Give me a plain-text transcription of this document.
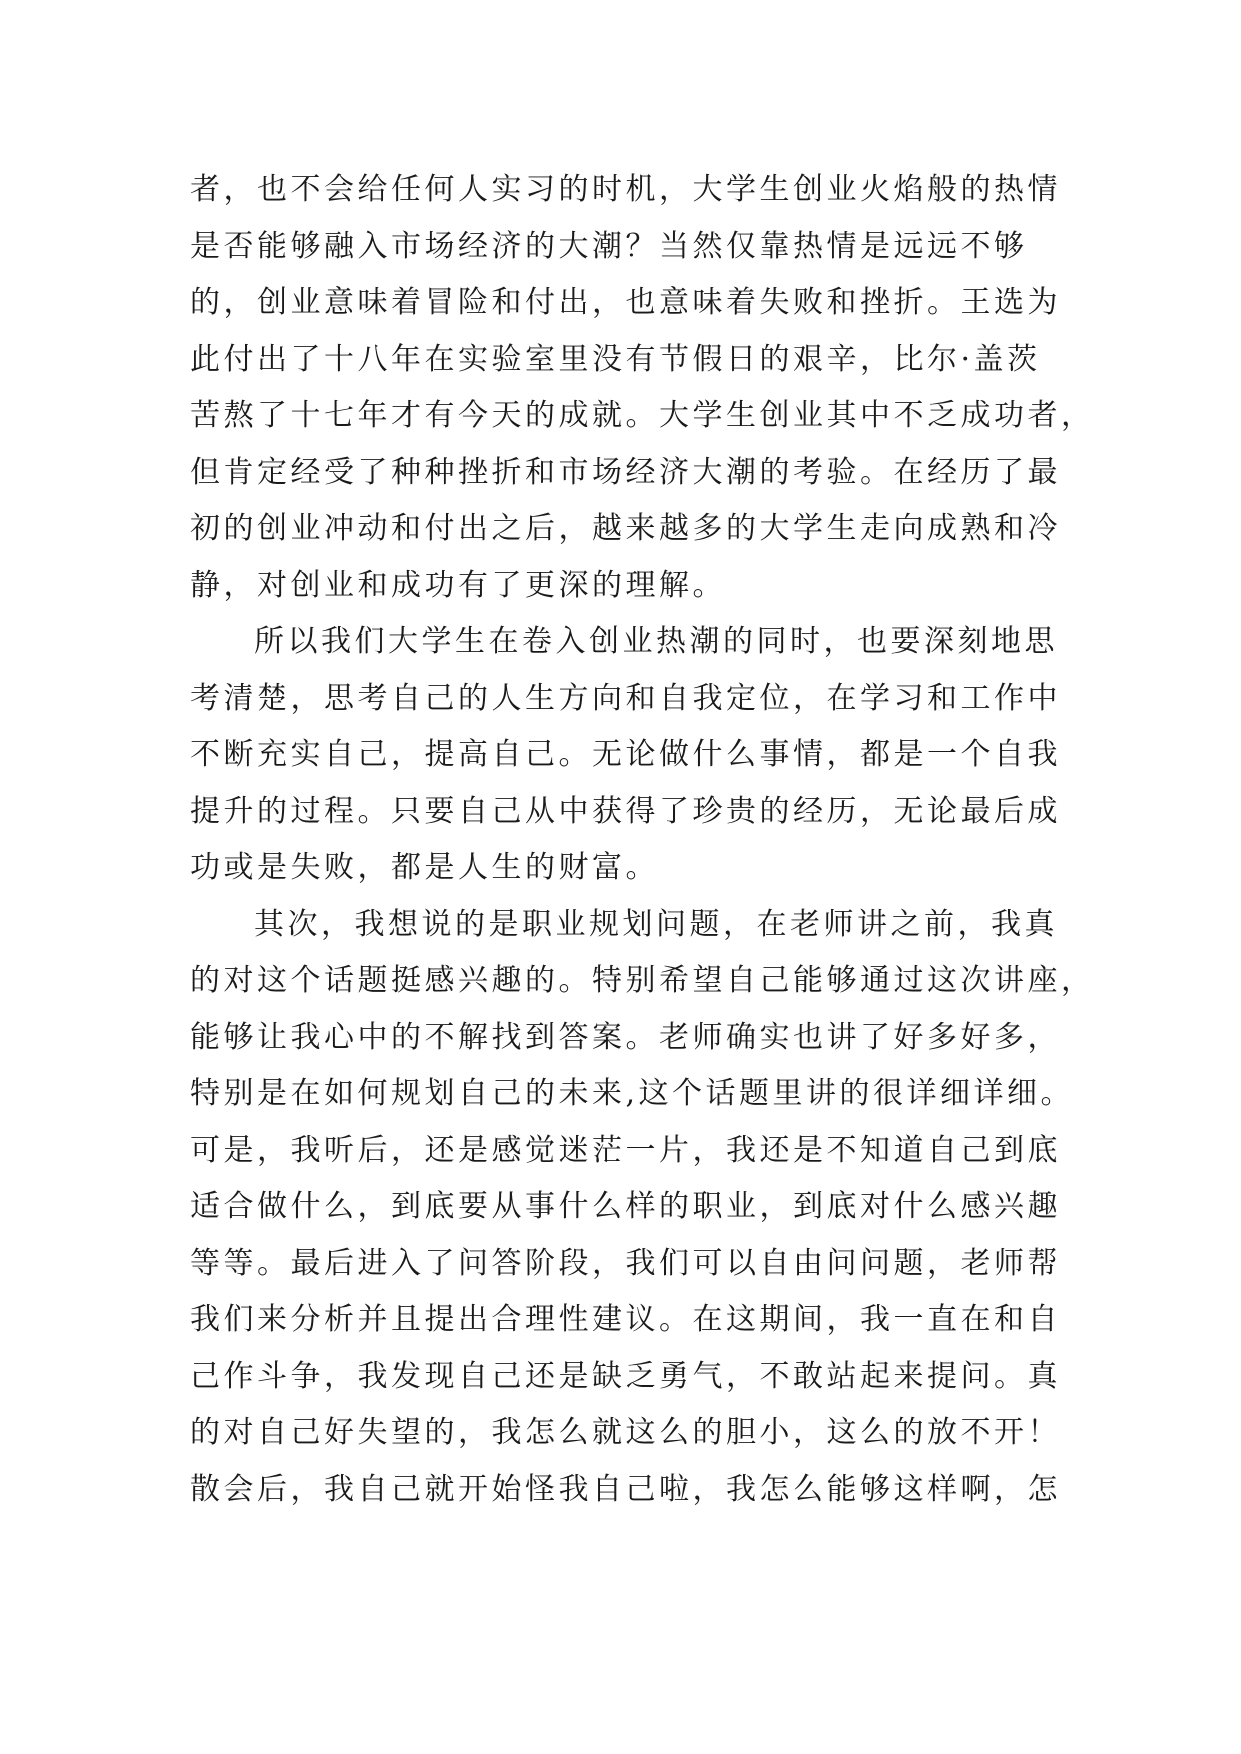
者，也不会给任何人实习的时机，大学生创业火焰般的热情
是否能够融入市场经济的大潮？当然仅靠热情是远远不够
的，创业意味着冒险和付出，也意味着失败和挫折。王选为
此付出了十八年在实验室里没有节假日的艰辛，比尔·盖茨
苦熬了十七年才有今天的成就。大学生创业其中不乏成功者，
但肯定经受了种种挫折和市场经济大潮的考验。在经历了最
初的创业冲动和付出之后，越来越多的大学生走向成熟和冷
静，对创业和成功有了更深的理解。
所以我们大学生在卷入创业热潮的同时，也要深刻地思
考清楚，思考自己的人生方向和自我定位，在学习和工作中
不断充实自己，提高自己。无论做什么事情，都是一个自我
提升的过程。只要自己从中获得了珍贵的经历，无论最后成
功或是失败，都是人生的财富。
其次，我想说的是职业规划问题，在老师讲之前，我真
的对这个话题挺感兴趣的。特别希望自己能够通过这次讲座，
能够让我心中的不解找到答案。老师确实也讲了好多好多，
特别是在如何规划自己的未来,这个话题里讲的很详细详细。
可是，我听后，还是感觉迷茫一片，我还是不知道自己到底
适合做什么，到底要从事什么样的职业，到底对什么感兴趣
等等。最后进入了问答阶段，我们可以自由问问题，老师帮
我们来分析并且提出合理性建议。在这期间，我一直在和自
己作斗争，我发现自己还是缺乏勇气，不敢站起来提问。真
的对自己好失望的，我怎么就这么的胆小，这么的放不开！
散会后，我自己就开始怪我自己啦，我怎么能够这样啊，怎
